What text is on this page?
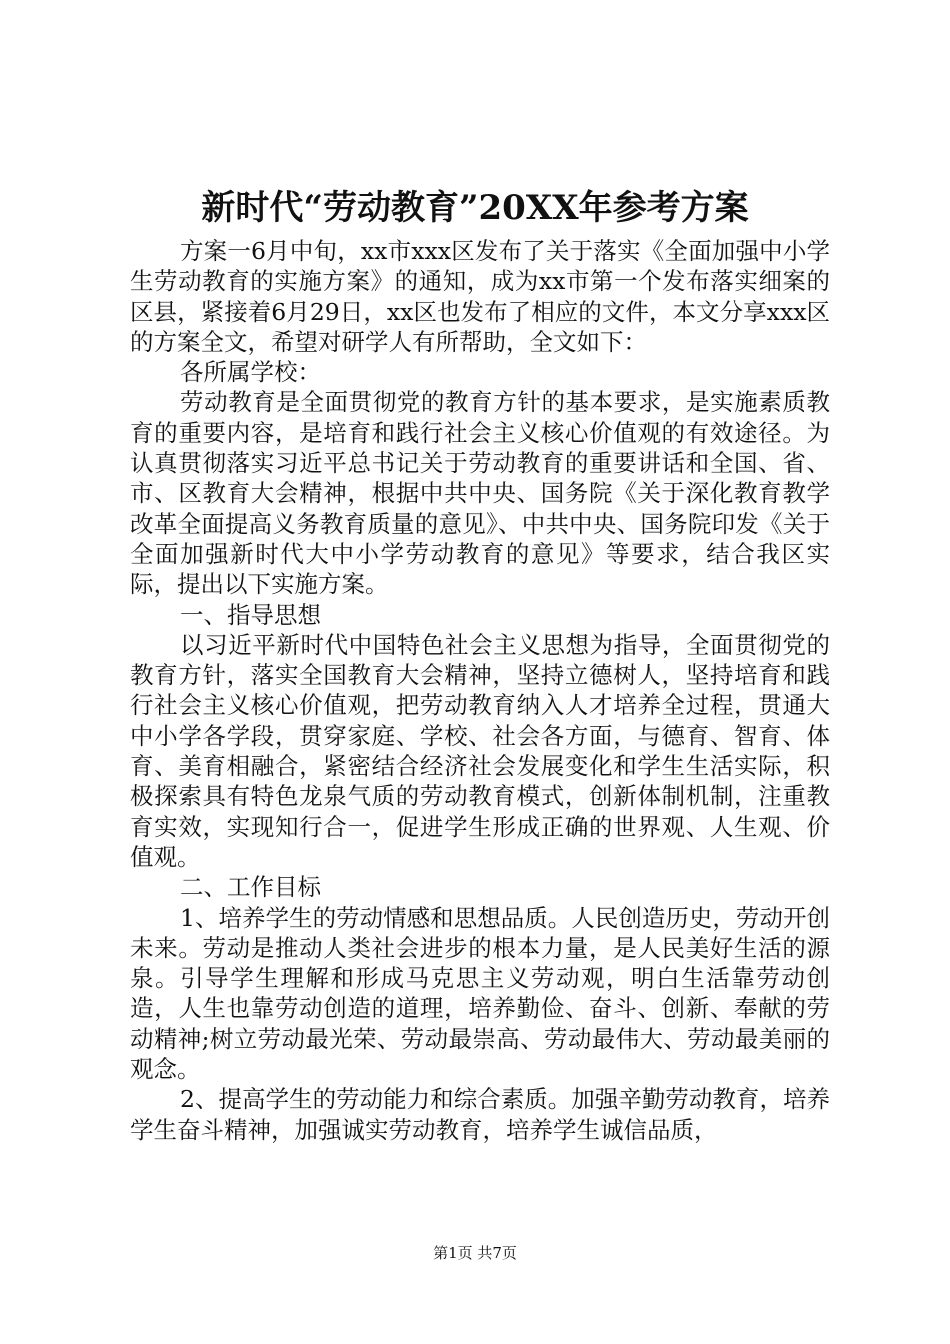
新时代“劳动教育”20XX年参考方案

方案一6月中旬，xx市xxx区发布了关于落实《全面加强中小学生劳动教育的实施方案》的通知，成为xx市第一个发布落实细案的区县，紧接着6月29日，xx区也发布了相应的文件，本文分享xxx区的方案全文，希望对研学人有所帮助，全文如下：

各所属学校：

劳动教育是全面贯彻党的教育方针的基本要求，是实施素质教育的重要内容，是培育和践行社会主义核心价值观的有效途径。为认真贯彻落实习近平总书记关于劳动教育的重要讲话和全国、省、市、区教育大会精神，根据中共中央、国务院《关于深化教育教学改革全面提高义务教育质量的意见》、中共中央、国务院印发《关于全面加强新时代大中小学劳动教育的意见》等要求，结合我区实际，提出以下实施方案。

一、指导思想

以习近平新时代中国特色社会主义思想为指导，全面贯彻党的教育方针，落实全国教育大会精神，坚持立德树人，坚持培育和践行社会主义核心价值观，把劳动教育纳入人才培养全过程，贯通大中小学各学段，贯穿家庭、学校、社会各方面，与德育、智育、体育、美育相融合，紧密结合经济社会发展变化和学生生活实际，积极探索具有特色龙泉气质的劳动教育模式，创新体制机制，注重教育实效，实现知行合一，促进学生形成正确的世界观、人生观、价值观。

二、工作目标

1、培养学生的劳动情感和思想品质。人民创造历史，劳动开创未来。劳动是推动人类社会进步的根本力量，是人民美好生活的源泉。引导学生理解和形成马克思主义劳动观，明白生活靠劳动创造，人生也靠劳动创造的道理，培养勤俭、奋斗、创新、奉献的劳动精神;树立劳动最光荣、劳动最崇高、劳动最伟大、劳动最美丽的观念。

2、提高学生的劳动能力和综合素质。加强辛勤劳动教育，培养学生奋斗精神，加强诚实劳动教育，培养学生诚信品质，

第1页 共7页
